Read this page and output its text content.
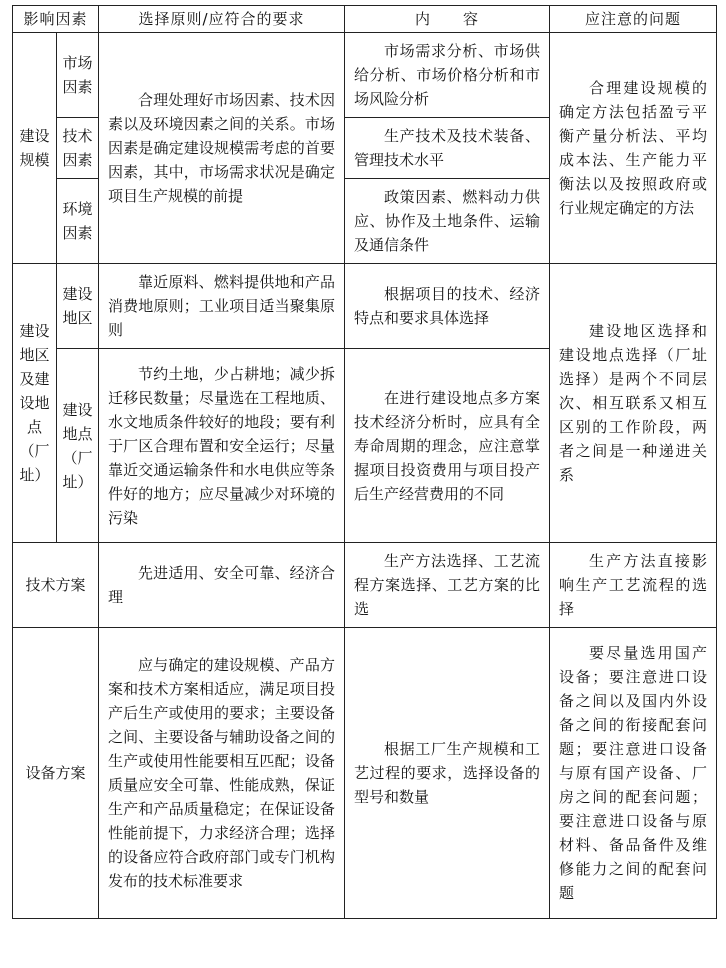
影响因素		选择原则/应符合的要求	内　　容	应注意的问题
建设规模	市场因素	合理处理好市场因素、技术因素以及环境因素之间的关系。市场因素是确定建设规模需考虑的首要因素，其中，市场需求状况是确定项目生产规模的前提	市场需求分析、市场供给分析、市场价格分析和市场风险分析	合理建设规模的确定方法包括盈亏平衡产量分析法、平均成本法、生产能力平衡法以及按照政府或行业规定确定的方法
	技术因素		生产技术及技术装备、管理技术水平	
	环境因素		政策因素、燃料动力供应、协作及土地条件、运输及通信条件	
建设地区及建设地点（厂址）	建设地区	靠近原料、燃料提供地和产品消费地原则；工业项目适当聚集原则	根据项目的技术、经济特点和要求具体选择	建设地区选择和建设地点选择（厂址选择）是两个不同层次、相互联系又相互区别的工作阶段，两者之间是一种递进关系
	建设地点（厂址）	节约土地，少占耕地；减少拆迁移民数量；尽量选在工程地质、水文地质条件较好的地段；要有利于厂区合理布置和安全运行；尽量靠近交通运输条件和水电供应等条件好的地方；应尽量减少对环境的污染	在进行建设地点多方案技术经济分析时，应具有全寿命周期的理念，应注意掌握项目投资费用与项目投产后生产经营费用的不同	
技术方案		先进适用、安全可靠、经济合理	生产方法选择、工艺流程方案选择、工艺方案的比选	生产方法直接影响生产工艺流程的选择
设备方案		应与确定的建设规模、产品方案和技术方案相适应，满足项目投产后生产或使用的要求；主要设备之间、主要设备与辅助设备之间的生产或使用性能要相互匹配；设备质量应安全可靠、性能成熟，保证生产和产品质量稳定；在保证设备性能前提下，力求经济合理；选择的设备应符合政府部门或专门机构发布的技术标准要求	根据工厂生产规模和工艺过程的要求，选择设备的型号和数量	要尽量选用国产设备；要注意进口设备之间以及国内外设备之间的衔接配套问题；要注意进口设备与原有国产设备、厂房之间的配套问题；要注意进口设备与原材料、备品备件及维修能力之间的配套问题
